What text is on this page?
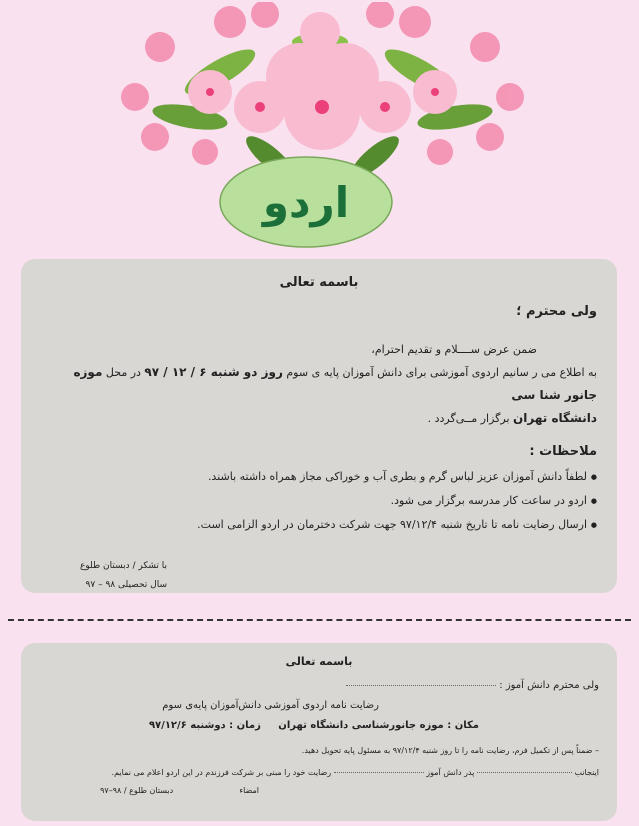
اردو
باسمه تعالی
ولی محترم ؛
ضمن عرض ســــلام و تقدیم احترام،
به اطلاع می ر سانیم اردوی آموزشی برای دانش آموزان پایه ی سوم روز دو شنبه ۶ / ۱۲ / ۹۷ در محل موزه جانور شنا سی
دانشگاه تهران برگزار مــی‌گردد .
ملاحظات :
● لطفاً دانش آموزان عزیز لباس گرم و بطری آب و خوراکی مجاز همراه داشته باشند.
● اردو در ساعت کار مدرسه برگزار می شود.
● ارسال رضایت نامه تا تاریخ شنبه ۹۷/۱۲/۴ جهت شرکت دخترمان در اردو الزامی است.
با تشکر / دبستان طلوع
سال تحصیلی ۹۸ – ۹۷
باسمه تعالی
ولی محترم دانش آموز :
رضایت نامه اردوی آموزشی دانش‌آموزان پایه‌ی سوم
مکان : موزه جانورشناسی دانشگاه تهران     زمان : دوشنبه ۹۷/۱۲/۶
– ضمناً پس از تکمیل فرم، رضایت نامه را تا روز شنبه ۹۷/۱۲/۴ به مسئول پایه تحویل دهید.
اینجانب  پدر دانش آموز  رضایت خود را مبنی بر شرکت فرزندم در این اردو اعلام می نمایم.
امضاء                          دبستان طلوع / ۹۸–۹۷
